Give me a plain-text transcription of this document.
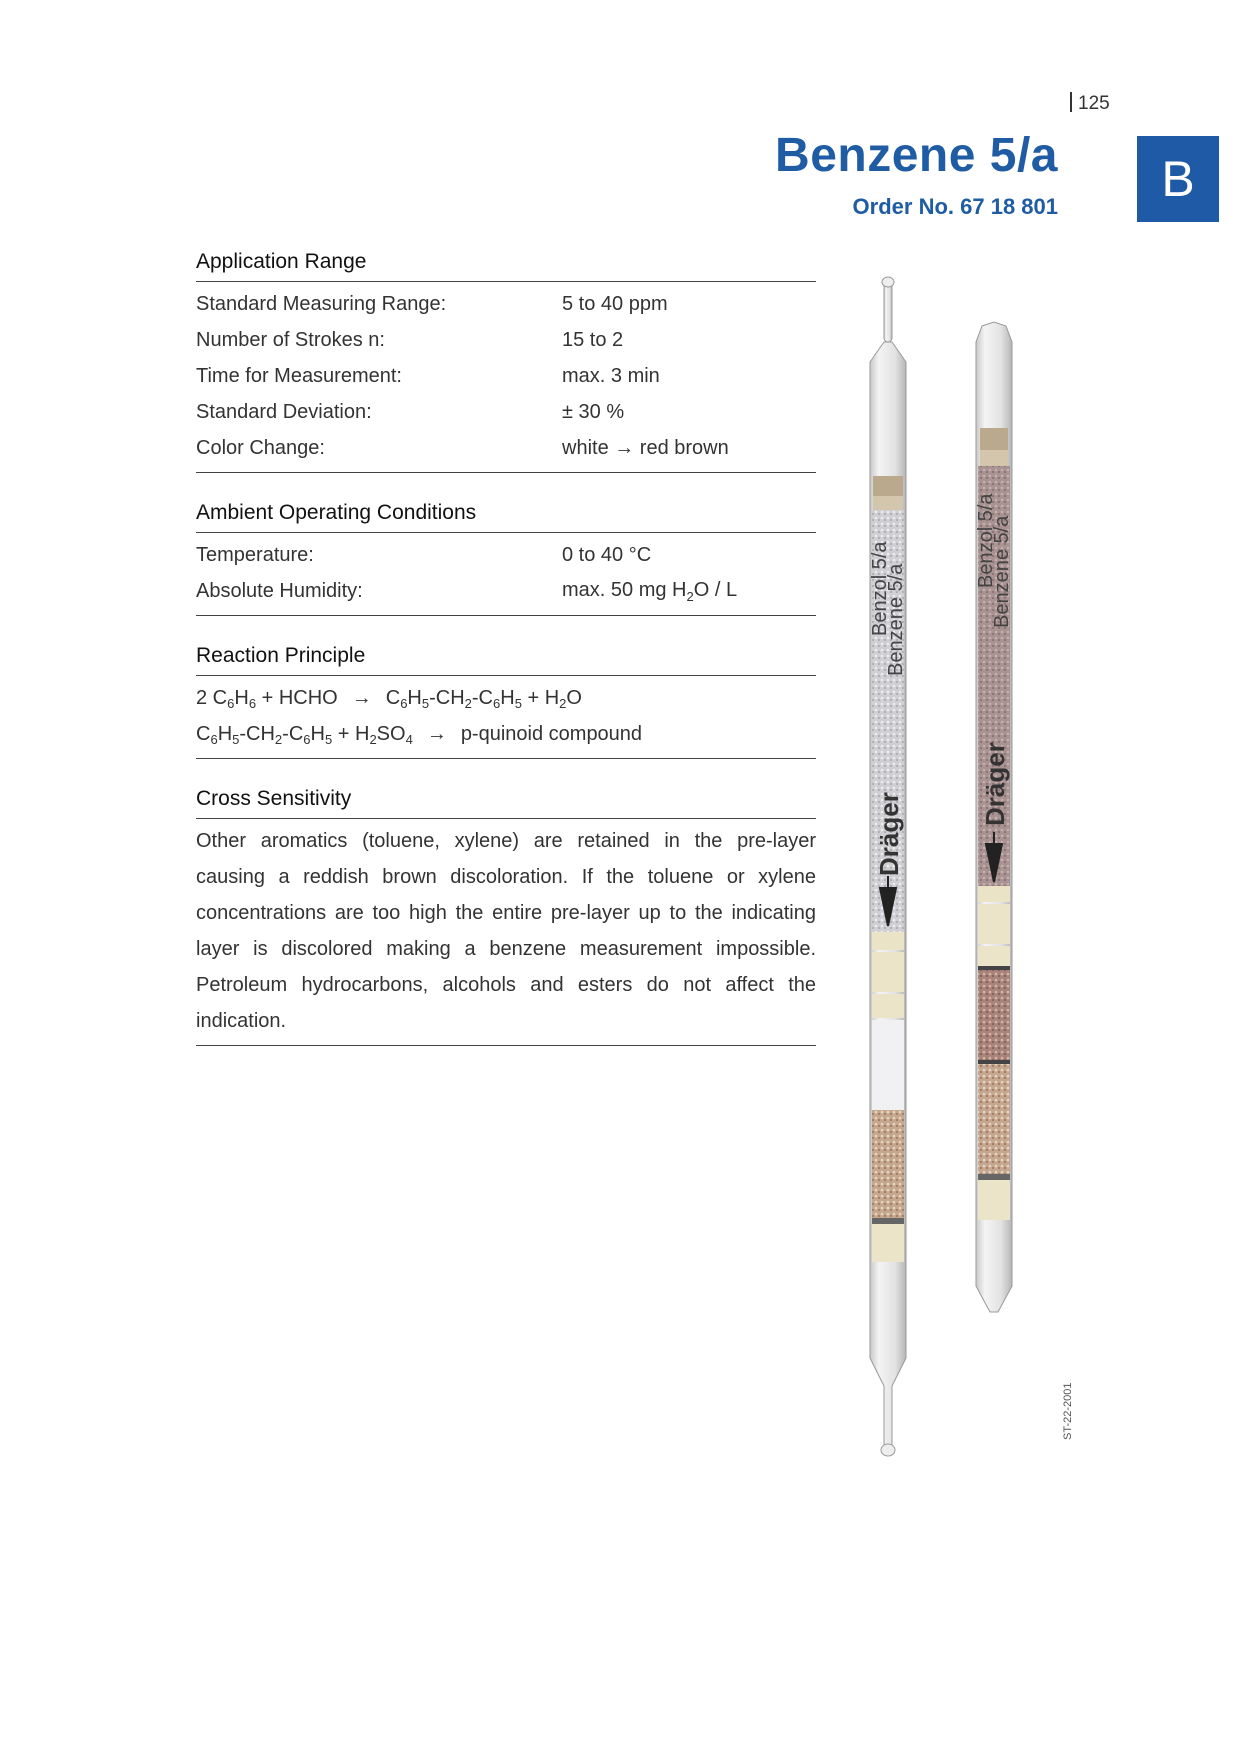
125
Benzene 5/a
Order No. 67 18 801	B
Application Range
Standard Measuring Range:	5 to 40 ppm
Number of Strokes n:	15 to 2
Time for Measurement:	max. 3 min
Standard Deviation:	± 30 %
Color Change:	white → red brown
Ambient Operating Conditions
Temperature:	0 to 40 °C
Absolute Humidity:	max. 50 mg $H_2O$ / L
Reaction Principle
2 $C_6H_6$ + HCHO → $C_6H_5-CH_2-C_6H_5 + H_2O$
$C_6H_5-CH_2-C_6H_5 + H_2SO_4$ → p-quinoid compound
Cross Sensitivity
Other aromatics (toluene, xylene) are retained in the pre-layer causing a reddish brown discoloration. If the toluene or xylene concentrations are too high the entire pre-layer up to the indicating layer is discolored making a benzene measurement impossible. Petroleum hydrocarbons, alcohols and esters do not affect the indication.
Benzol 5/a
Benzene 5/a
Dräger
Benzol 5/a
Benzene 5/a
Dräger
ST-22-2001
